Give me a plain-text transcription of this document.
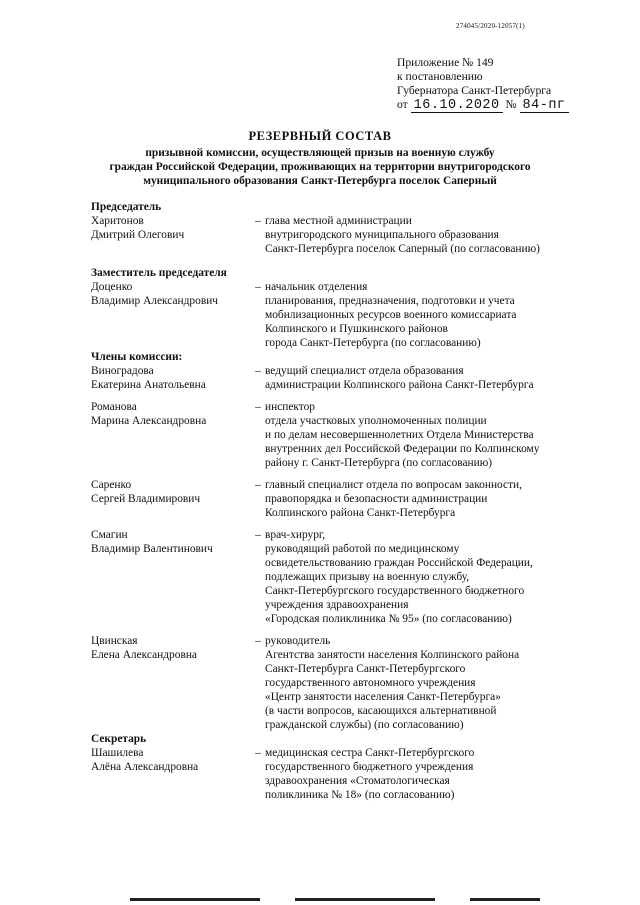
274045/2020-12057(1)
Приложение № 149
к постановлению
Губернатора Санкт-Петербурга
от 16.10.2020 № 84-пг
РЕЗЕРВНЫЙ СОСТАВ
призывной комиссии, осуществляющей призыв на военную службу
граждан Российской Федерации, проживающих на территории внутригородского
муниципального образования Санкт-Петербурга поселок Саперный
Председатель
Харитонов
Дмитрий Олегович
– глава местной администрации
внутригородского муниципального образования
Санкт-Петербурга поселок Саперный (по согласованию)
Заместитель председателя
Доценко
Владимир Александрович
– начальник отделения
планирования, предназначения, подготовки и учета
мобилизационных ресурсов военного комиссариата
Колпинского и Пушкинского районов
города Санкт-Петербурга (по согласованию)
Члены комиссии:
Виноградова
Екатерина Анатольевна
– ведущий специалист отдела образования
администрации Колпинского района Санкт-Петербурга
Романова
Марина Александровна
– инспектор
отдела участковых уполномоченных полиции
и по делам несовершеннолетних Отдела Министерства
внутренних дел Российской Федерации по Колпинскому
району г. Санкт-Петербурга (по согласованию)
Саренко
Сергей Владимирович
– главный специалист отдела по вопросам законности,
правопорядка и безопасности администрации
Колпинского района Санкт-Петербурга
Смагин
Владимир Валентинович
– врач-хирург,
руководящий работой по медицинскому
освидетельствованию граждан Российской Федерации,
подлежащих призыву на военную службу,
Санкт-Петербургского государственного бюджетного
учреждения здравоохранения
«Городская поликлиника № 95» (по согласованию)
Цвинская
Елена Александровна
– руководитель
Агентства занятости населения Колпинского района
Санкт-Петербурга Санкт-Петербургского
государственного автономного учреждения
«Центр занятости населения Санкт-Петербурга»
(в части вопросов, касающихся альтернативной
гражданской службы) (по согласованию)
Секретарь
Шашилева
Алёна Александровна
– медицинская сестра Санкт-Петербургского
государственного бюджетного учреждения
здравоохранения «Стоматологическая
поликлиника № 18» (по согласованию)
